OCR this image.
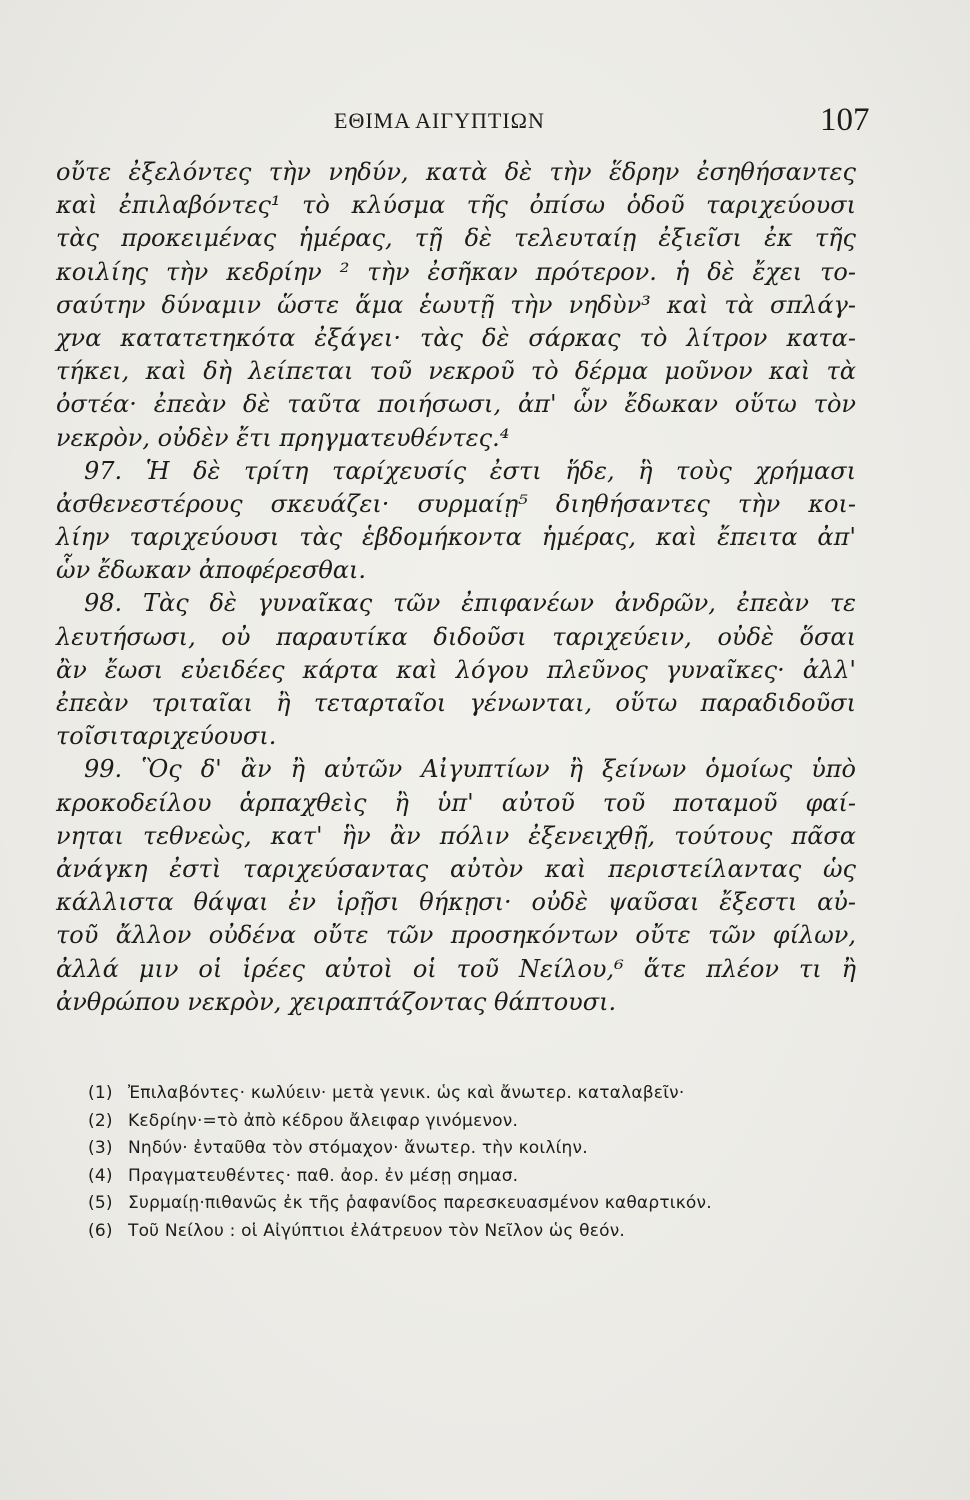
ΕΘΙΜΑ ΑΙΓΥΠΤΙΩΝ	107
οὔτε ἐξελόντες τὴν νηδύν, κατὰ δὲ τὴν ἕδρην ἐσηθήσαντες
καὶ ἐπιλαβόντες¹ τὸ κλύσμα τῆς ὀπίσω ὁδοῦ ταριχεύουσι
τὰς προκειμένας ἡμέρας, τῇ δὲ τελευταίῃ ἐξιεῖσι ἐκ τῆς
κοιλίης τὴν κεδρίην ² τὴν ἐσῆκαν πρότερον. ἡ δὲ ἔχει το-
σαύτην δύναμιν ὥστε ἅμα ἑωυτῇ τὴν νηδὺν³ καὶ τὰ σπλάγ-
χνα κατατετηκότα ἐξάγει· τὰς δὲ σάρκας τὸ λίτρον κατα-
τήκει, καὶ δὴ λείπεται τοῦ νεκροῦ τὸ δέρμα μοῦνον καὶ τὰ
ὀστέα· ἐπεὰν δὲ ταῦτα ποιήσωσι, ἀπ' ὧν ἔδωκαν οὕτω τὸν
νεκρὸν, οὐδὲν ἔτι πρηγματευθέντες.⁴
97. Ἡ δὲ τρίτη ταρίχευσίς ἐστι ἥδε, ἣ τοὺς χρήμασι
ἀσθενεστέρους σκευάζει· συρμαίῃ⁵ διηθήσαντες τὴν κοι-
λίην ταριχεύουσι τὰς ἑβδομήκοντα ἡμέρας, καὶ ἔπειτα ἀπ'
ὧν ἔδωκαν ἀποφέρεσθαι.
98. Τὰς δὲ γυναῖκας τῶν ἐπιφανέων ἀνδρῶν, ἐπεὰν τε
λευτήσωσι, οὐ παραυτίκα διδοῦσι ταριχεύειν, οὐδὲ ὅσαι
ἂν ἔωσι εὐειδέες κάρτα καὶ λόγου πλεῦνος γυναῖκες· ἀλλ'
ἐπεὰν τριταῖαι ἢ τεταρταῖοι γένωνται, οὕτω παραδιδοῦσι
τοῖσιταριχεύουσι.
99. Ὃς δ' ἂν ἢ αὐτῶν Αἰγυπτίων ἢ ξείνων ὁμοίως ὑπὸ
κροκοδείλου ἁρπαχθεὶς ἢ ὑπ' αὐτοῦ τοῦ ποταμοῦ φαί-
νηται τεθνεὼς, κατ' ἣν ἂν πόλιν ἐξενειχθῇ, τούτους πᾶσα
ἀνάγκη ἐστὶ ταριχεύσαντας αὐτὸν καὶ περιστείλαντας ὡς
κάλλιστα θάψαι ἐν ἱρῇσι θήκῃσι· οὐδὲ ψαῦσαι ἔξεστι αὐ-
τοῦ ἄλλον οὐδένα οὔτε τῶν προσηκόντων οὔτε τῶν φίλων,
ἀλλά μιν οἱ ἱρέες αὐτοὶ οἱ τοῦ Νείλου,⁶ ἅτε πλέον τι ἢ
ἀνθρώπου νεκρὸν, χειραπτάζοντας θάπτουσι.
(1) Ἐπιλαβόντες· κωλύειν· μετὰ γενικ. ὡς καὶ ἄνωτερ. καταλαβεῖν·
(2) Κεδρίην·=τὸ ἀπὸ κέδρου ἄλειφαρ γινόμενον.
(3) Νηδύν· ἐνταῦθα τὸν στόμαχον· ἄνωτερ. τὴν κοιλίην.
(4) Πραγματευθέντες· παθ. ἀορ. ἐν μέσῃ σημασ.
(5) Συρμαίῃ·πιθανῶς ἐκ τῆς ῥαφανίδος παρεσκευασμένον καθαρτικόν.
(6) Τοῦ Νείλου : οἱ Αἰγύπτιοι ἐλάτρευον τὸν Νεῖλον ὡς θεόν.
